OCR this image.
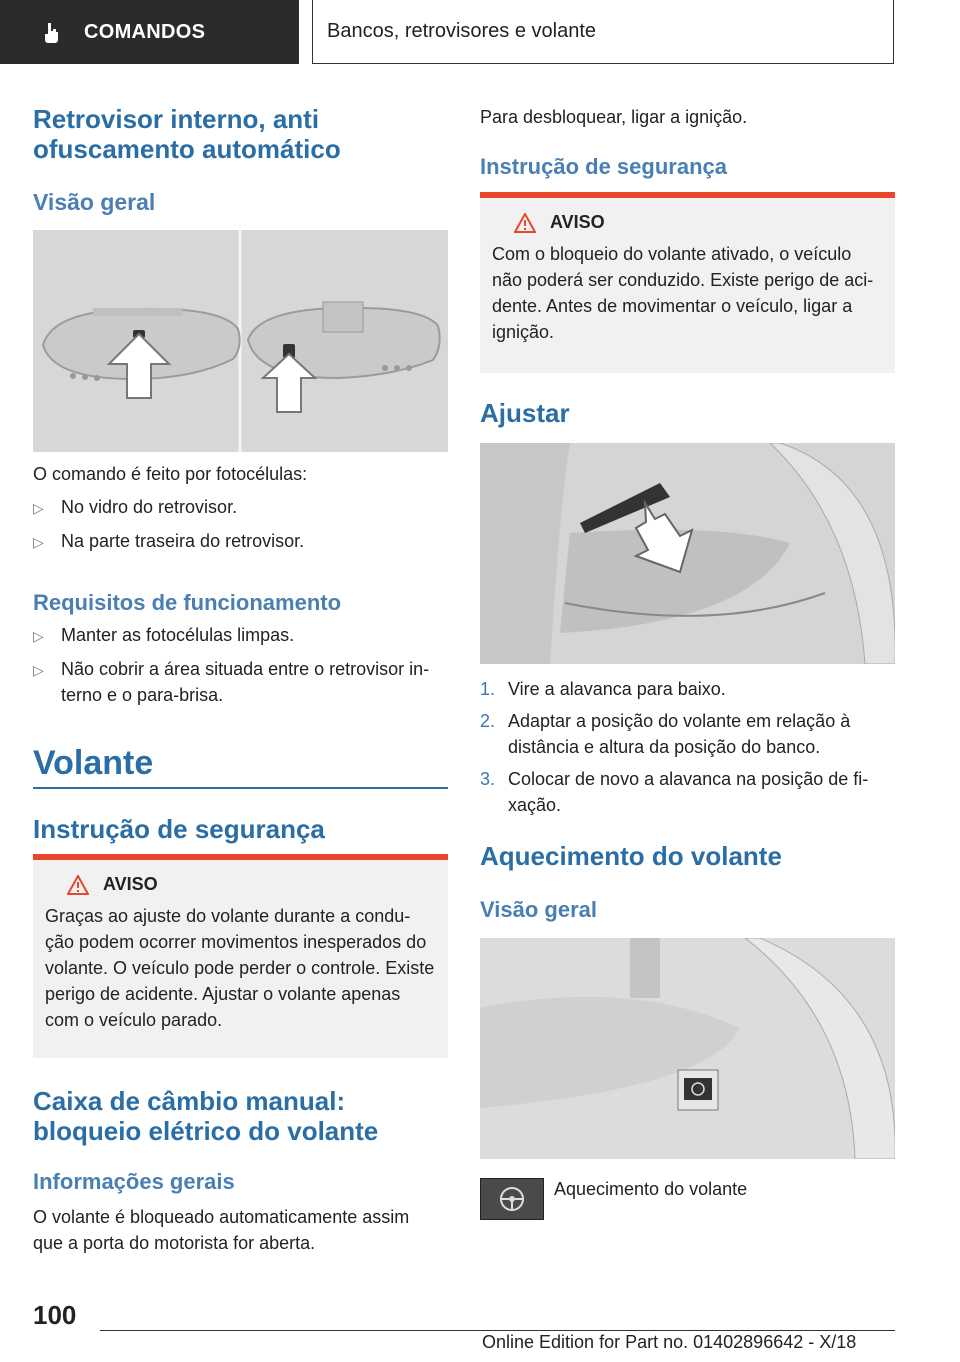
COMANDOS	Bancos, retrovisores e volante
Retrovisor interno, anti ofuscamento automático
Visão geral

O comando é feito por fotocélulas:

▷ No vidro do retrovisor.
▷ Na parte traseira do retrovisor.
Requisitos de funcionamento
▷ Manter as fotocélulas limpas.
▷ Não cobrir a área situada entre o retrovisor in-terno e o para-brisa.
Volante
Instrução de segurança
AVISO
Graças ao ajuste do volante durante a condu-ção podem ocorrer movimentos inesperados do volante. O veículo pode perder o controle. Existe perigo de acidente. Ajustar o volante apenas com o veículo parado.
Caixa de câmbio manual: bloqueio elétrico do volante
Informações gerais

O volante é bloqueado automaticamente assim que a porta do motorista for aberta.

Para desbloquear, ligar a ignição.

Instrução de segurança
AVISO
Com o bloqueio do volante ativado, o veículo não poderá ser conduzido. Existe perigo de aci-dente. Antes de movimentar o veículo, ligar a ignição.
Ajustar
1. Vire a alavanca para baixo.
2. Adaptar a posição do volante em relação à distância e altura da posição do banco.
3. Colocar de novo a alavanca na posição de fi-xação.
Aquecimento do volante
Visão geral

Aquecimento do volante

100
Online Edition for Part no. 01402896642 - X/18
